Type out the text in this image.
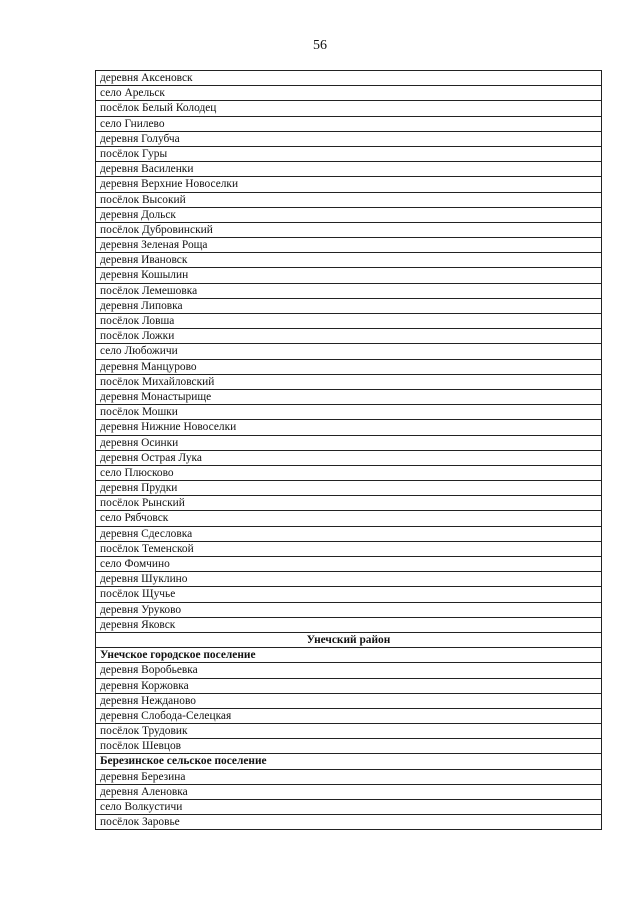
56
деревня Аксеновск
село Арельск
посёлок Белый Колодец
село Гнилево
деревня Голубча
посёлок Гуры
деревня Василенки
деревня Верхние Новоселки
посёлок Высокий
деревня Дольск
посёлок Дубровинский
деревня Зеленая Роща
деревня Ивановск
деревня Кошылин
посёлок Лемешовка
деревня Липовка
посёлок Ловша
посёлок Ложки
село Любожичи
деревня Манцурово
посёлок Михайловский
деревня Монастырище
посёлок Мошки
деревня Нижние Новоселки
деревня Осинки
деревня Острая Лука
село Плюсково
деревня Прудки
посёлок Рынский
село Рябчовск
деревня Сдесловка
посёлок Теменской
село Фомчино
деревня Шуклино
посёлок Щучье
деревня Уруково
деревня Яковск
Унечский район
Унечское городское поселение
деревня Воробьевка
деревня Коржовка
деревня Нежданово
деревня Слобода-Селецкая
посёлок Трудовик
посёлок Шевцов
Березинское сельское поселение
деревня Березина
деревня Аленовка
село Волкустичи
посёлок Заровье
